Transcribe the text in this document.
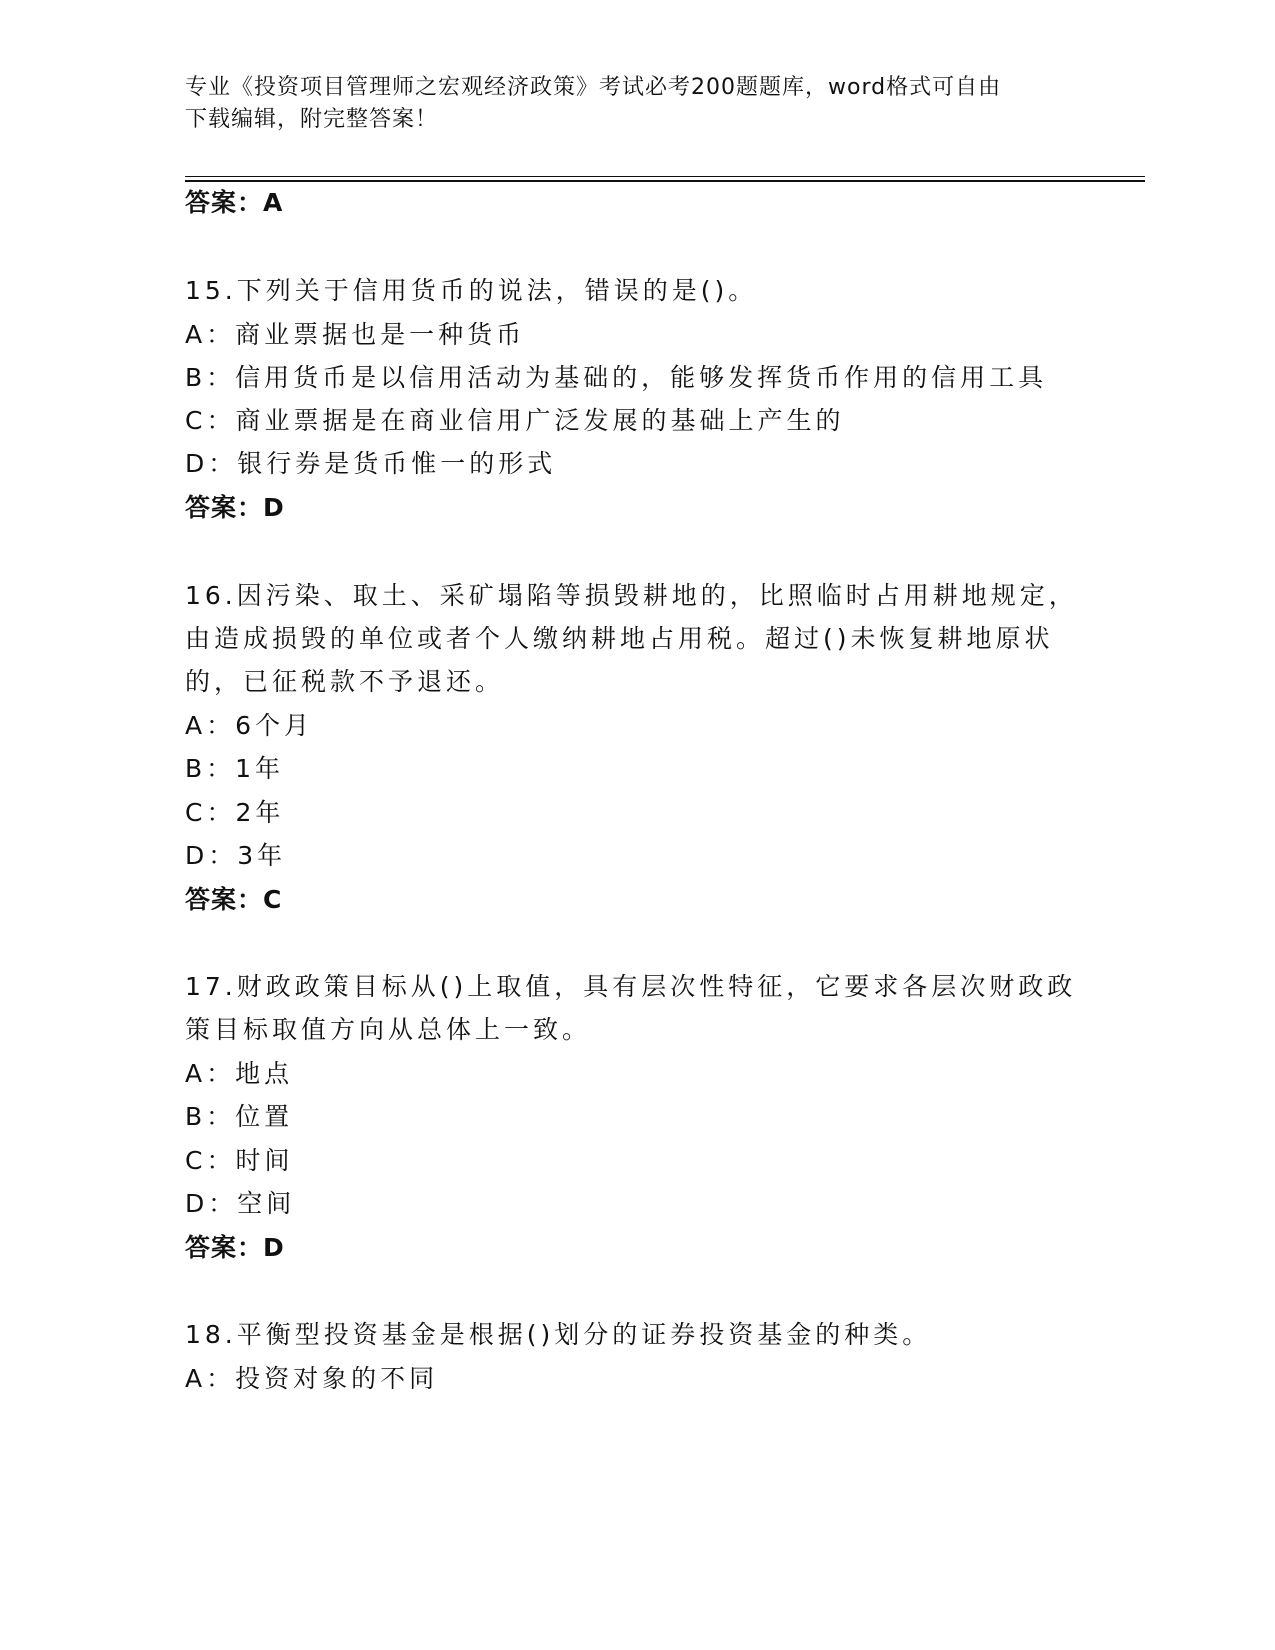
专业《投资项目管理师之宏观经济政策》考试必考200题题库，word格式可自由
下载编辑，附完整答案！
答案：A
15.下列关于信用货币的说法，错误的是()。
A：商业票据也是一种货币
B：信用货币是以信用活动为基础的，能够发挥货币作用的信用工具
C：商业票据是在商业信用广泛发展的基础上产生的
D：银行券是货币惟一的形式
答案：D
16.因污染、取土、采矿塌陷等损毁耕地的，比照临时占用耕地规定，
由造成损毁的单位或者个人缴纳耕地占用税。超过()未恢复耕地原状
的，已征税款不予退还。
A：6个月
B：1年
C：2年
D：3年
答案：C
17.财政政策目标从()上取值，具有层次性特征，它要求各层次财政政
策目标取值方向从总体上一致。
A：地点
B：位置
C：时间
D：空间
答案：D
18.平衡型投资基金是根据()划分的证券投资基金的种类。
A：投资对象的不同
